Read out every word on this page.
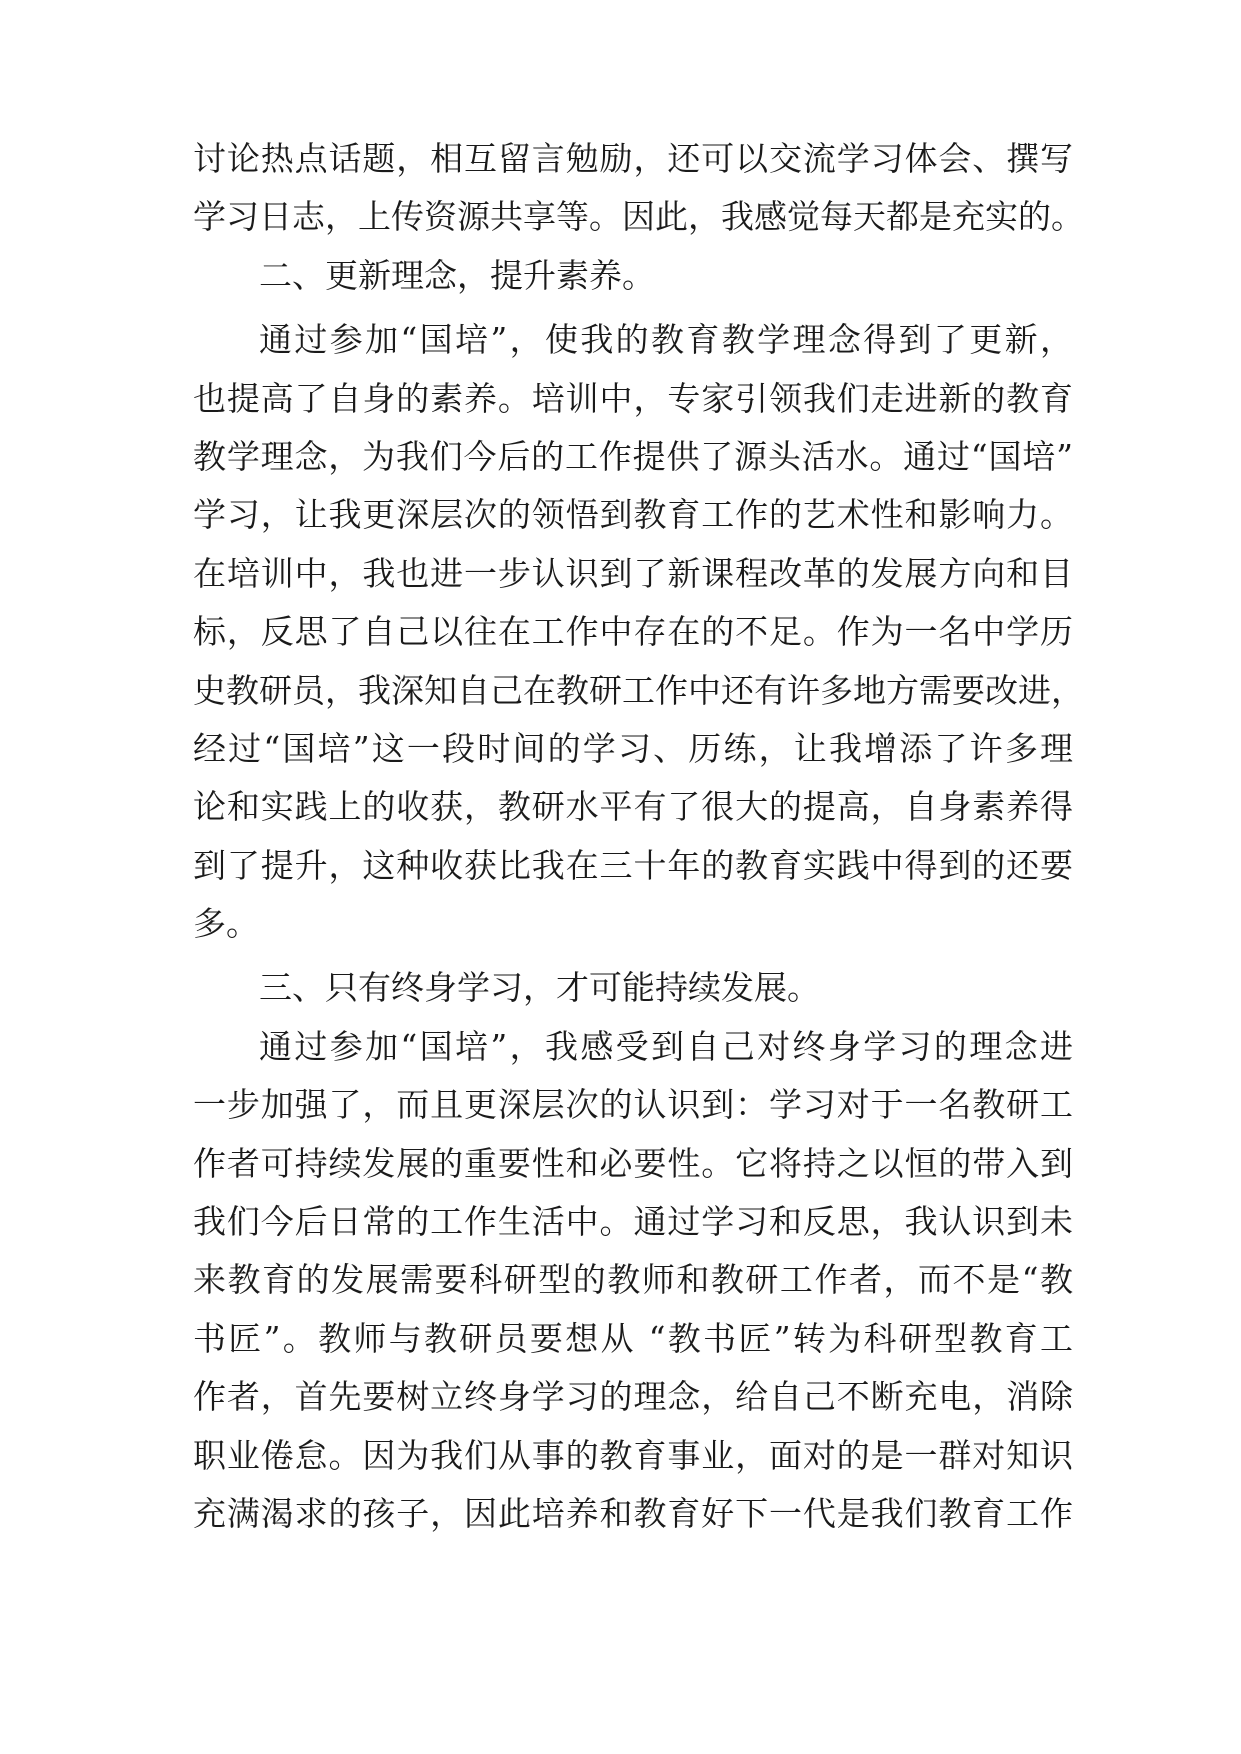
讨论热点话题，相互留言勉励，还可以交流学习体会、撰写
学习日志，上传资源共享等。因此，我感觉每天都是充实的。
二、更新理念，提升素养。
通过参加“国培”，使我的教育教学理念得到了更新，
也提高了自身的素养。培训中，专家引领我们走进新的教育
教学理念，为我们今后的工作提供了源头活水。通过“国培”
学习，让我更深层次的领悟到教育工作的艺术性和影响力。
在培训中，我也进一步认识到了新课程改革的发展方向和目
标，反思了自己以往在工作中存在的不足。作为一名中学历
史教研员，我深知自己在教研工作中还有许多地方需要改进，
经过“国培”这一段时间的学习、历练，让我增添了许多理
论和实践上的收获，教研水平有了很大的提高，自身素养得
到了提升，这种收获比我在三十年的教育实践中得到的还要
多。
三、只有终身学习，才可能持续发展。
通过参加“国培”，我感受到自己对终身学习的理念进
一步加强了，而且更深层次的认识到：学习对于一名教研工
作者可持续发展的重要性和必要性。它将持之以恒的带入到
我们今后日常的工作生活中。通过学习和反思，我认识到未
来教育的发展需要科研型的教师和教研工作者，而不是“教
书匠”。教师与教研员要想从 “教书匠”转为科研型教育工
作者，首先要树立终身学习的理念，给自己不断充电，消除
职业倦怠。因为我们从事的教育事业，面对的是一群对知识
充满渴求的孩子，因此培养和教育好下一代是我们教育工作
